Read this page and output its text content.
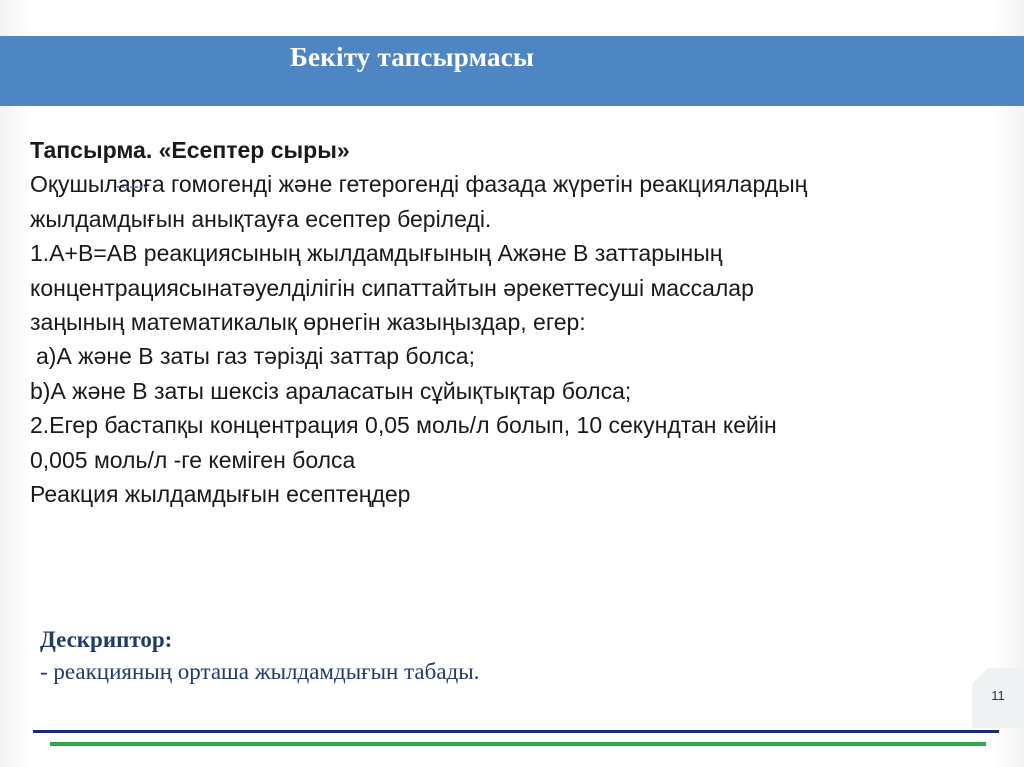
Бекіту тапсырмасы
Тапсырма. «Есептер сыры»
Оқушыларға гомогенді және гетерогенді фазада жүретін реакциялардың
жылдамдығын анықтауға есептер беріледі.
1.А+В=АВ реакциясының жылдамдығының Ажәне В заттарының
концентрациясынатәуелділігін сипаттайтын әрекеттесуші массалар
заңының математикалық өрнегін жазыңыздар, егер:
а)А және В заты газ тәрізді заттар болса;
b)А және В заты шексіз араласатын сұйықтықтар болса;
2.Егер бастапқы концентрация 0,05 моль/л болып, 10 секундтан кейін
0,005 моль/л -ге кеміген болса
Реакция жылдамдығын есептеңдер
Дескриптор:
- реакцияның орташа жылдамдығын табады.
11
